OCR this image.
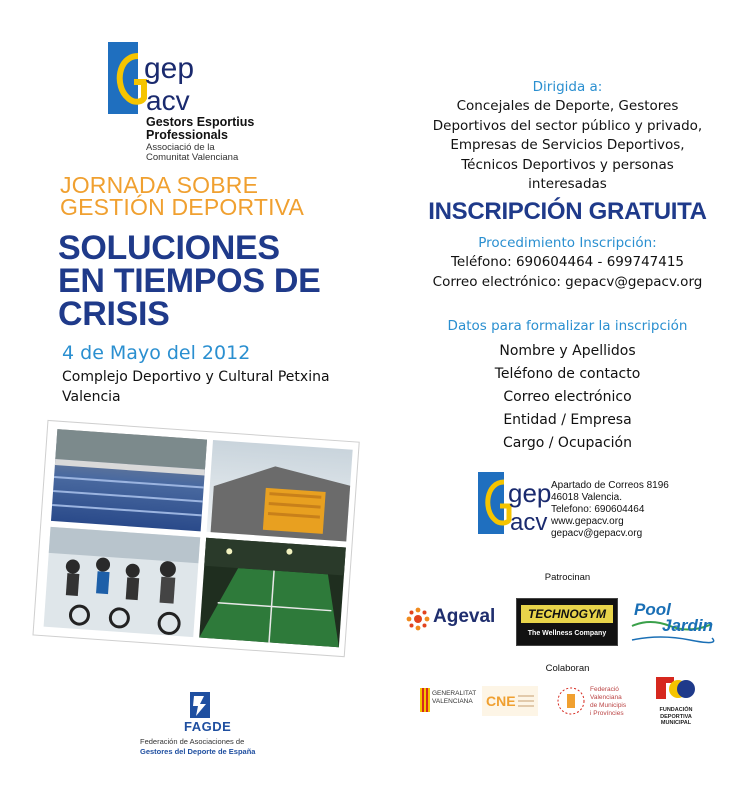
gep
acv
Gestors Esportius
Professionals
Associació de la
Comunitat Valenciana
JORNADA SOBRE
GESTIÓN DEPORTIVA
SOLUCIONES
EN TIEMPOS DE
CRISIS
4 de Mayo del 2012
Complejo Deportivo y Cultural Petxina
Valencia
FAGDE
Federación de Asociaciones de
Gestores del Deporte de España
Dirigida a:
Concejales de Deporte, Gestores
Deportivos del sector público y privado,
Empresas de Servicios Deportivos,
Técnicos Deportivos y personas
interesadas
INSCRIPCIÓN GRATUITA
Procedimiento Inscripción:
Teléfono: 690604464 - 699747415
Correo electrónico: gepacv@gepacv.org
Datos para formalizar la inscripción
Nombre y Apellidos
Teléfono de contacto
Correo electrónico
Entidad / Empresa
Cargo / Ocupación
gep
acv
Apartado de Correos 8196
46018 Valencia.
Telefono: 690604464
www.gepacv.org
gepacv@gepacv.org
Patrocinan
Ageval	TECHNOGYM
The Wellness Company
Pool
Jardin
Colaboran
GENERALITAT
VALENCIANA CNE
Federació
Valenciana
de Municipis
i Províncies	FUNDACIÓN
DEPORTIVA
MUNICIPAL
